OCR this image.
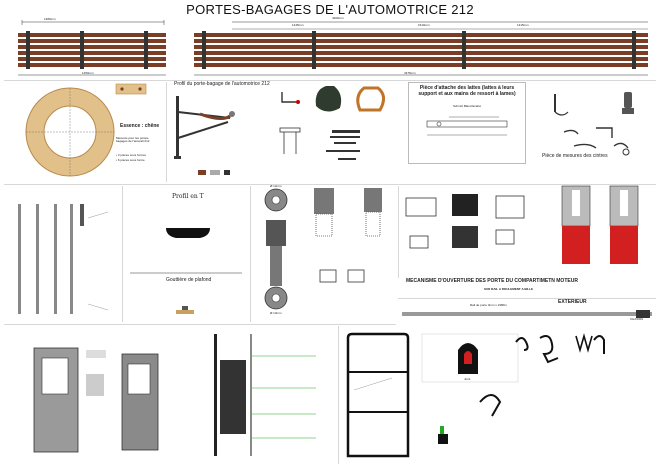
PORTES-BAGAGES DE L'AUTOMOTRICE 212
1380mm
1450mm
4300mm
1445mm	1510mm	1315mm
4375mm
Essence : chêne
Mesurés pour les portes-bagages de l'autorail 212
• 3 pièces sous format
• 6 pièces sous forme
Profil du porte-bagage de l'automotrice 212
Pièce d'attache des lattes (lattes à leurs support et aux mains de ressort à lames)
Schmitt Bland Ecarté
Pièce de mesures des cintres
Profil en T
Gouttière de plafond
Ø 12mm
Ø 13mm
MECANISME D'OUVERTURE DES PORTE DU COMPARTIMETN MOTEUR
SUR RAIL A ROULEMENT A BILLE
EXTERIEUR
Rail de porte 3mm x 1980m
CHASSIS
Joint
